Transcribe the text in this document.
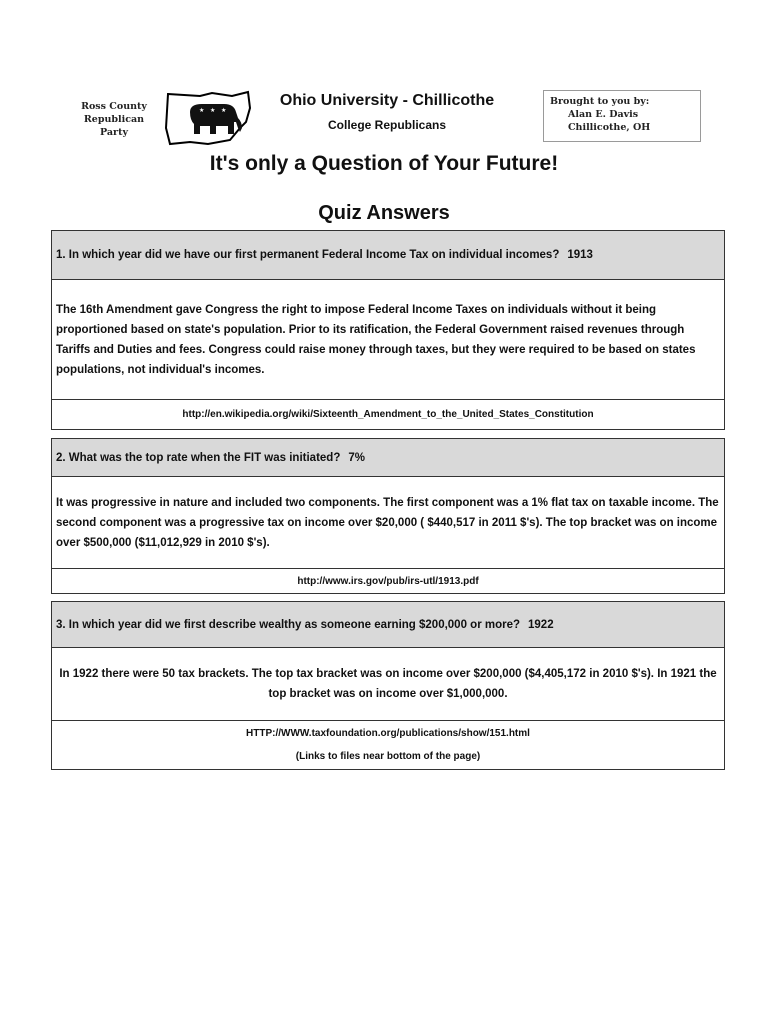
Ross County
Republican
Party
★ ★ ★
Ohio University - Chillicothe
College Republicans
Brought to you by:
Alan E. Davis
Chillicothe, OH
It's only a Question of Your Future!
Quiz Answers
1. In which year did we have our first permanent Federal Income Tax on individual incomes? 1913
The 16th Amendment gave Congress the right to impose Federal Income Taxes on individuals without it being proportioned based on state's population. Prior to its ratification, the Federal Government raised revenues through Tariffs and Duties and fees. Congress could raise money through taxes, but they were required to be based on states populations, not individual's incomes.
http://en.wikipedia.org/wiki/Sixteenth_Amendment_to_the_United_States_Constitution
2. What was the top rate when the FIT was initiated? 7%
It was progressive in nature and included two components. The first component was a 1% flat tax on taxable income. The second component was a progressive tax on income over $20,000 ( $440,517 in 2011 $'s). The top bracket was on income over $500,000 ($11,012,929 in 2010 $'s).
http://www.irs.gov/pub/irs-utl/1913.pdf
3. In which year did we first describe wealthy as someone earning $200,000 or more? 1922
In 1922 there were 50 tax brackets. The top tax bracket was on income over $200,000 ($4,405,172 in 2010 $'s). In 1921 the top bracket was on income over $1,000,000.
HTTP://WWW.taxfoundation.org/publications/show/151.html
(Links to files near bottom of the page)
